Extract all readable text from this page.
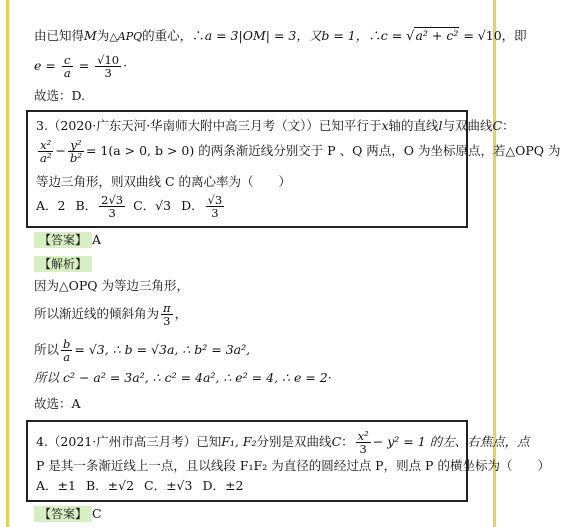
由已知得M为△APQ的重心，∴a = 3|OM| = 3，又b = 1，∴c = √a² + c² = √10，即
$e = \frac{c}{a} = \frac{√10}{3}$ ·
故选：D.
3.（2020·广东天河·华南师大附中高三月考（文））已知平行于x轴的直线l与双曲线C：
$\frac{\text{x²}}{\text{a²}} - \frac{\text{y²}}{\text{b²}} = 1(a > 0$, b > 0) 的两条渐近线分别交于 P 、Q 两点，O 为坐标原点，若△OPQ 为
等边三角形，则双曲线 C 的离心率为（　　）
A．2 B． $\frac{2√3}{3}$ C．√3 D． $\frac{√3}{3}$
【答案】 A
【解析】
因为△OPQ 为等边三角形，
所以渐近线的倾斜角为 $\frac{\pi}{3}$ ，
所以 $\frac{b}{a} = √3$, ∴ b = √3a, ∴ b² = 3a²,
所以 c² − a² = 3a², ∴ c² = 4a², ∴ e² = 4, ∴ e = 2·
故选：A
4.（2021·广州市高三月考）已知F₁, F₂分别是双曲线C： $\frac{\text{x²}}{3} - y^2 = 1$ 的左、右焦点，点
P 是其一条渐近线上一点，且以线段 F₁F₂ 为直径的圆经过点 P，则点 P 的横坐标为（　　）
A．±1 B．±√2 C．±√3 D．±2
【答案】 C
